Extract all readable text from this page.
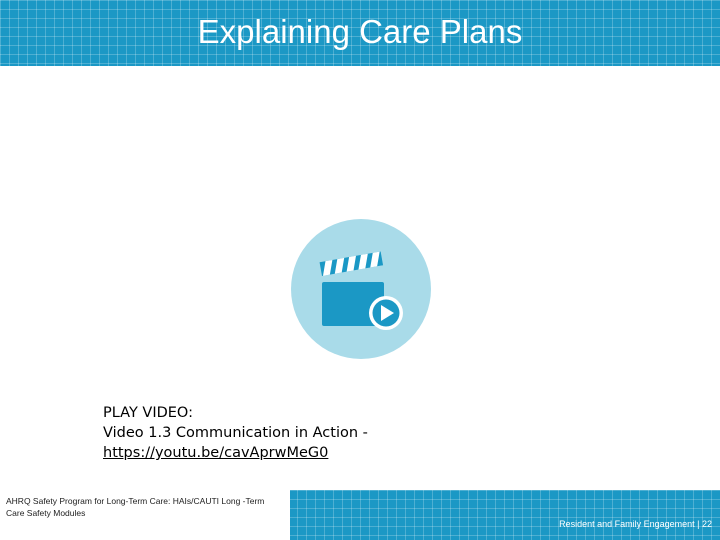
Explaining Care Plans
PLAY VIDEO:
Video 1.3 Communication in Action -
https://youtu.be/cavAprwMeG0
AHRQ Safety Program for Long-Term Care: HAIs/CAUTI Long -Term Care Safety Modules
Resident and Family Engagement | 22
